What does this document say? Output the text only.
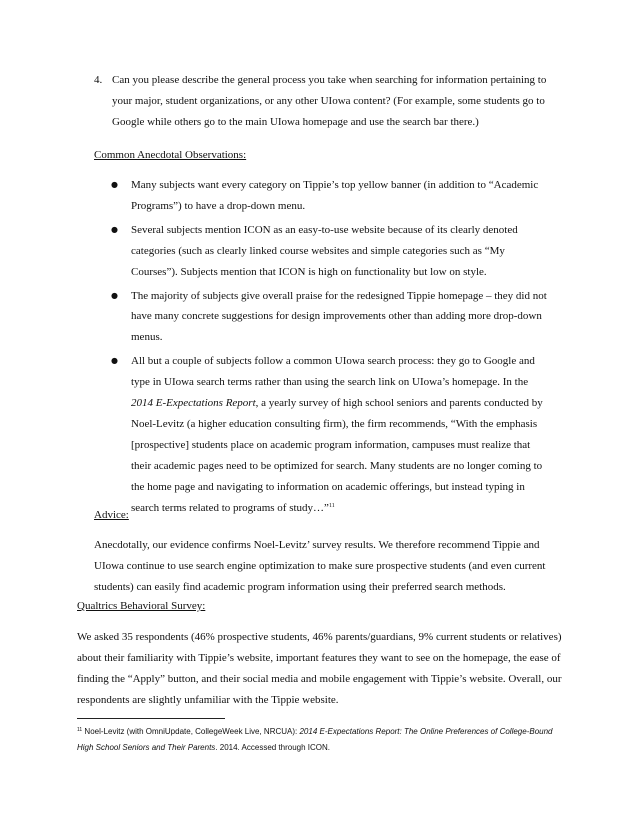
4. Can you please describe the general process you take when searching for information pertaining to your major, student organizations, or any other UIowa content? (For example, some students go to Google while others go to the main UIowa homepage and use the search bar there.)
Common Anecdotal Observations:
● Many subjects want every category on Tippie’s top yellow banner (in addition to “Academic Programs”) to have a drop-down menu.
● Several subjects mention ICON as an easy-to-use website because of its clearly denoted categories (such as clearly linked course websites and simple categories such as “My Courses”). Subjects mention that ICON is high on functionality but low on style.
● The majority of subjects give overall praise for the redesigned Tippie homepage – they did not have many concrete suggestions for design improvements other than adding more drop-down menus.
● All but a couple of subjects follow a common UIowa search process: they go to Google and type in UIowa search terms rather than using the search link on UIowa’s homepage. In the 2014 E-Expectations Report, a yearly survey of high school seniors and parents conducted by Noel-Levitz (a higher education consulting firm), the firm recommends, “With the emphasis [prospective] students place on academic program information, campuses must realize that their academic pages need to be optimized for search. Many students are no longer coming to the home page and navigating to information on academic offerings, but instead typing in search terms related to programs of study…”$^{11}$
Advice:
Anecdotally, our evidence confirms Noel-Levitz’ survey results. We therefore recommend Tippie and UIowa continue to use search engine optimization to make sure prospective students (and even current students) can easily find academic program information using their preferred search methods.
Qualtrics Behavioral Survey:
We asked 35 respondents (46% prospective students, 46% parents/guardians, 9% current students or relatives) about their familiarity with Tippie’s website, important features they want to see on the homepage, the ease of finding the “Apply” button, and their social media and mobile engagement with Tippie’s website. Overall, our respondents are slightly unfamiliar with the Tippie website.
$^{11}$ Noel-Levitz (with OmniUpdate, CollegeWeek Live, NRCUA): 2014 E-Expectations Report: The Online Preferences of College-Bound High School Seniors and Their Parents. 2014. Accessed through ICON.
